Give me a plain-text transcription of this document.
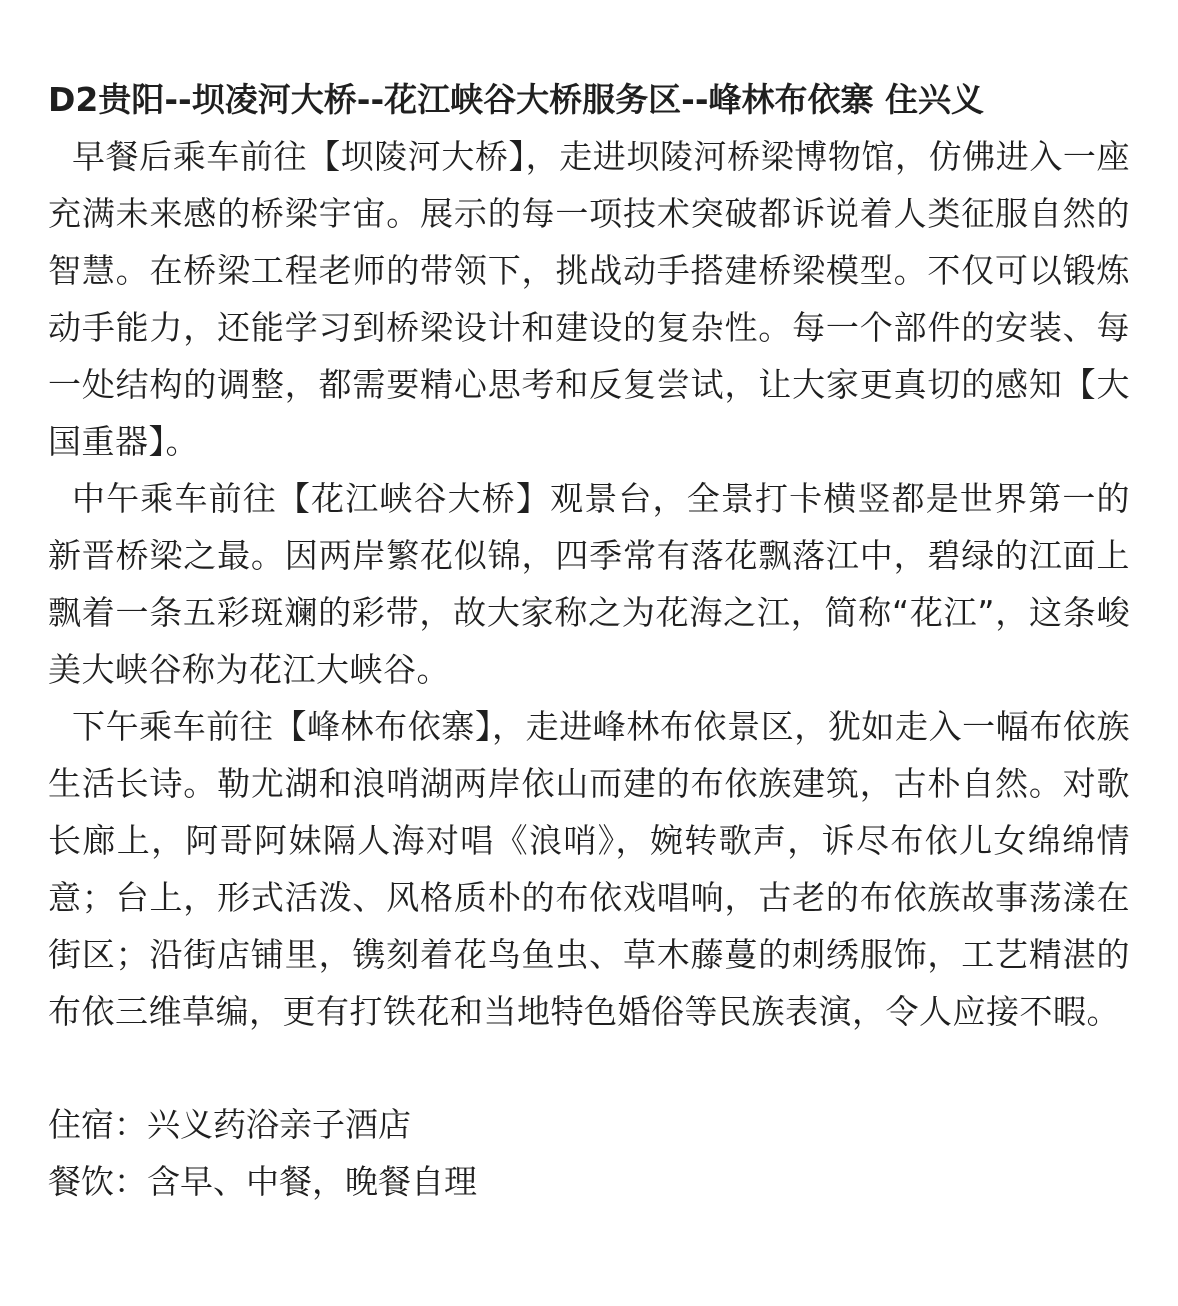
D2贵阳--坝凌河大桥--花江峡谷大桥服务区--峰林布依寨 住兴义

早餐后乘车前往【坝陵河大桥】，走进坝陵河桥梁博物馆，仿佛进入一座充满未来感的桥梁宇宙。展示的每一项技术突破都诉说着人类征服自然的智慧。在桥梁工程老师的带领下，挑战动手搭建桥梁模型。不仅可以锻炼动手能力，还能学习到桥梁设计和建设的复杂性。每一个部件的安装、每一处结构的调整，都需要精心思考和反复尝试，让大家更真切的感知【大国重器】。

中午乘车前往【花江峡谷大桥】观景台，全景打卡横竖都是世界第一的新晋桥梁之最。因两岸繁花似锦，四季常有落花飘落江中，碧绿的江面上飘着一条五彩斑斓的彩带，故大家称之为花海之江，简称“花江”，这条峻美大峡谷称为花江大峡谷。

下午乘车前往【峰林布依寨】，走进峰林布依景区，犹如走入一幅布依族生活长诗。勒尤湖和浪哨湖两岸依山而建的布依族建筑，古朴自然。对歌长廊上，阿哥阿妹隔人海对唱《浪哨》，婉转歌声，诉尽布依儿女绵绵情意；台上，形式活泼、风格质朴的布依戏唱响，古老的布依族故事荡漾在街区；沿街店铺里，镌刻着花鸟鱼虫、草木藤蔓的刺绣服饰，工艺精湛的布依三维草编，更有打铁花和当地特色婚俗等民族表演，令人应接不暇。

住宿：兴义药浴亲子酒店

餐饮：含早、中餐，晚餐自理
